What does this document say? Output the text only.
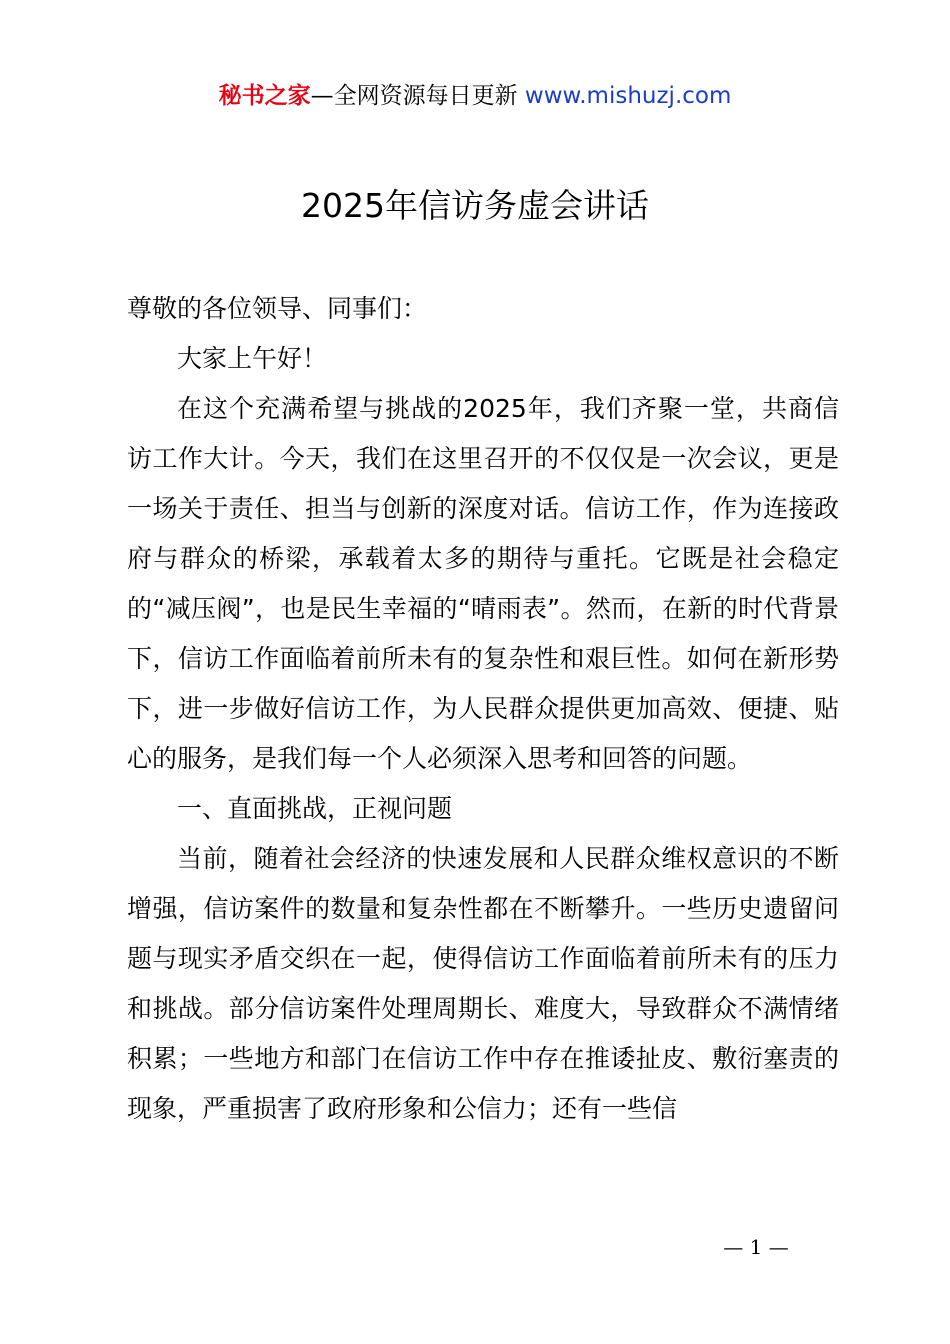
秘书之家—全网资源每日更新 www.mishuzj.com
2025年信访务虚会讲话

尊敬的各位领导、同事们：

大家上午好！

在这个充满希望与挑战的2025年，我们齐聚一堂，共商信访工作大计。今天，我们在这里召开的不仅仅是一次会议，更是一场关于责任、担当与创新的深度对话。信访工作，作为连接政府与群众的桥梁，承载着太多的期待与重托。它既是社会稳定的“减压阀”，也是民生幸福的“晴雨表”。然而，在新的时代背景下，信访工作面临着前所未有的复杂性和艰巨性。如何在新形势下，进一步做好信访工作，为人民群众提供更加高效、便捷、贴心的服务，是我们每一个人必须深入思考和回答的问题。

一、直面挑战，正视问题

当前，随着社会经济的快速发展和人民群众维权意识的不断增强，信访案件的数量和复杂性都在不断攀升。一些历史遗留问题与现实矛盾交织在一起，使得信访工作面临着前所未有的压力和挑战。部分信访案件处理周期长、难度大，导致群众不满情绪积累；一些地方和部门在信访工作中存在推诿扯皮、敷衍塞责的现象，严重损害了政府形象和公信力；还有一些信

— 1 —
